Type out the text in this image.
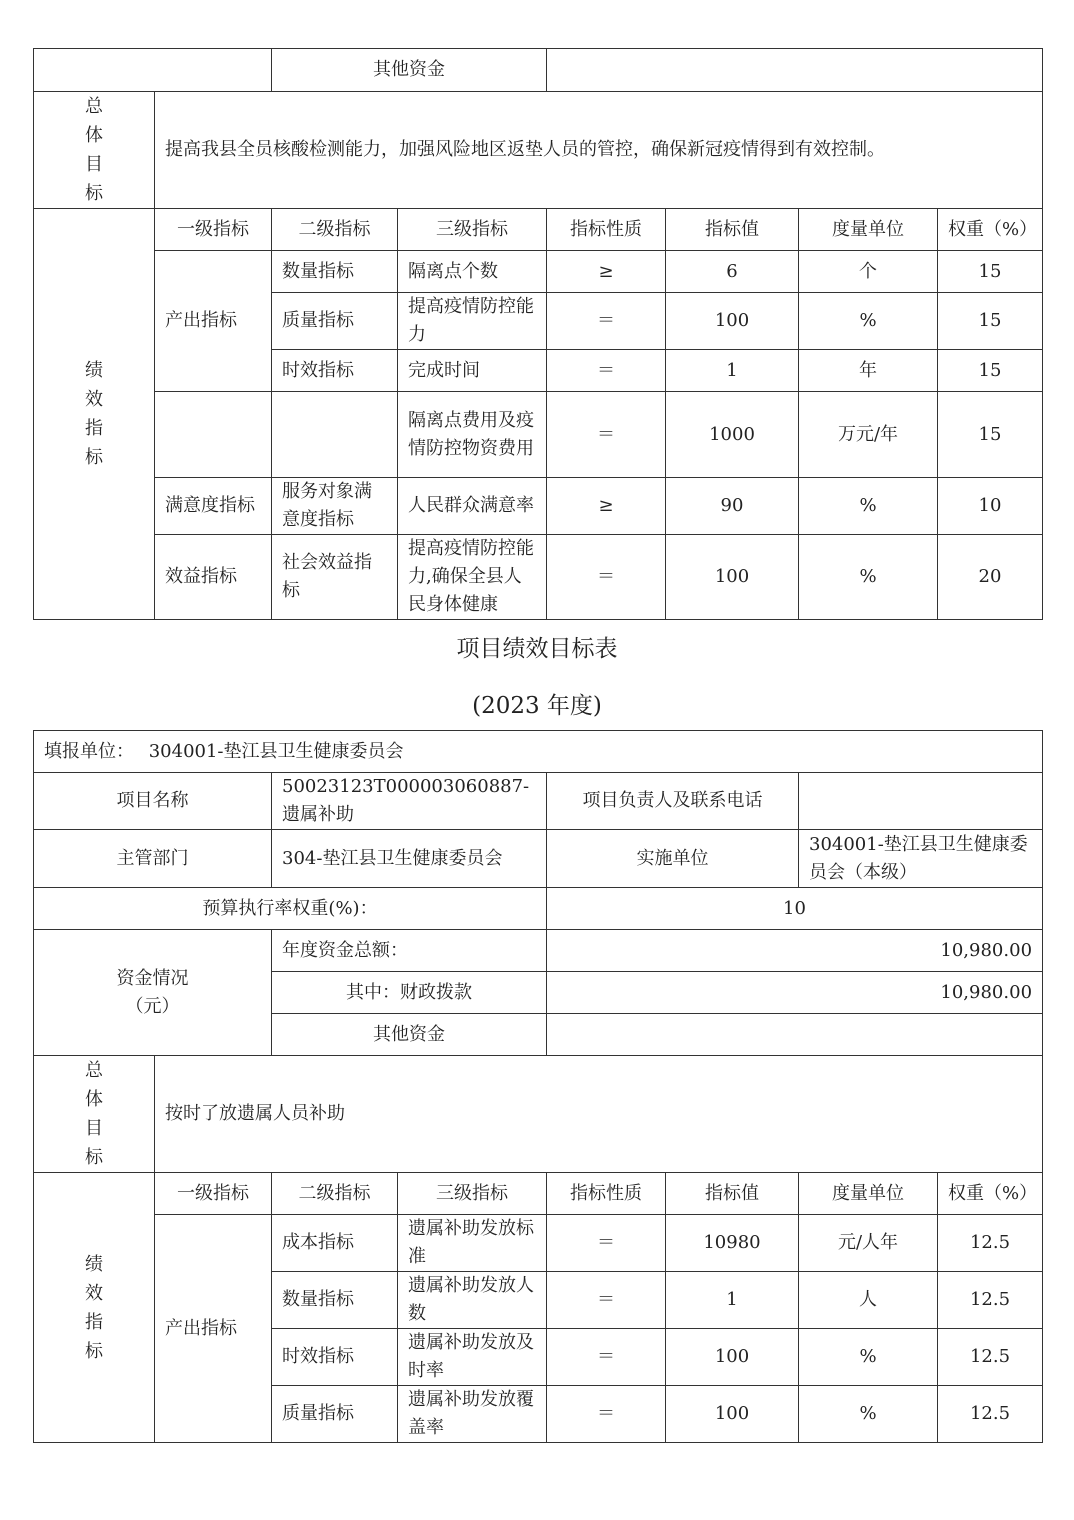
		其他资金					
总
体
目
标	提高我县全员核酸检测能力，加强风险地区返垫人员的管控，确保新冠疫情得到有效控制。						
绩
效
指
标	一级指标	二级指标	三级指标	指标性质	指标值	度量单位	权重（%）
	产出指标	数量指标	隔离点个数	≥	6	个	15
		质量指标	提高疫情防控能力	＝	100	%	15
		时效指标	完成时间	＝	1	年	15
			隔离点费用及疫情防控物资费用	＝	1000	万元/年	15
	满意度指标	服务对象满意度指标	人民群众满意率	≥	90	%	10
	效益指标	社会效益指标	提高疫情防控能力,确保全县人民身体健康	＝	100	%	20
项目绩效目标表
(2023 年度)
填报单位：　 304001-垫江县卫生健康委员会							
项目名称		50023123T000003060887-遗属补助		项目负责人及联系电话			
主管部门		304-垫江县卫生健康委员会		实施单位		304001-垫江县卫生健康委员会（本级）	
预算执行率权重(%)：				10			
资金情况
（元）		年度资金总额：		10,980.00			
		其中：财政拨款		10,980.00			
		其他资金					
总
体
目
标	按时了放遗属人员补助						
绩
效
指
标	一级指标	二级指标	三级指标	指标性质	指标值	度量单位	权重（%）
	产出指标	成本指标	遗属补助发放标准	＝	10980	元/人年	12.5
		数量指标	遗属补助发放人数	＝	1	人	12.5
		时效指标	遗属补助发放及时率	＝	100	%	12.5
		质量指标	遗属补助发放覆盖率	＝	100	%	12.5
